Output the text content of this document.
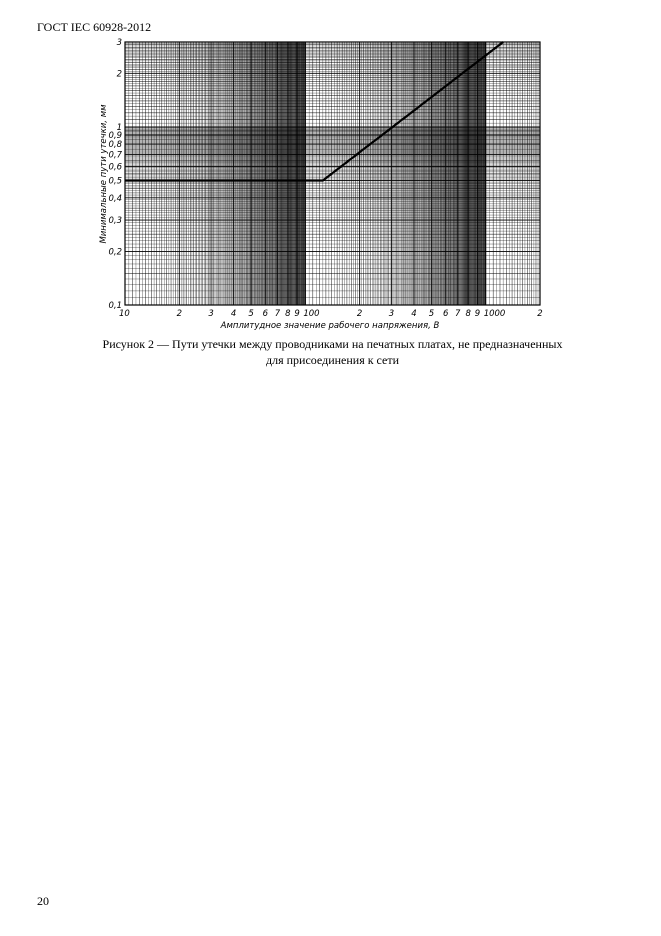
ГОСТ IEC 60928-2012
10	2	3 4 5 6 7 8 9 100	2	3 4 5 6 7 8 9 1000	2
0,1
0,2
0,3
0,4
0,5
0,6
0,7
0,8
0,9
1
2
3
Амплитудное значение рабочего напряжения, В
Минимальные пути утечки, мм
Рисунок 2 — Пути утечки между проводниками на печатных платах, не предназначенных
для присоединения к сети
20
